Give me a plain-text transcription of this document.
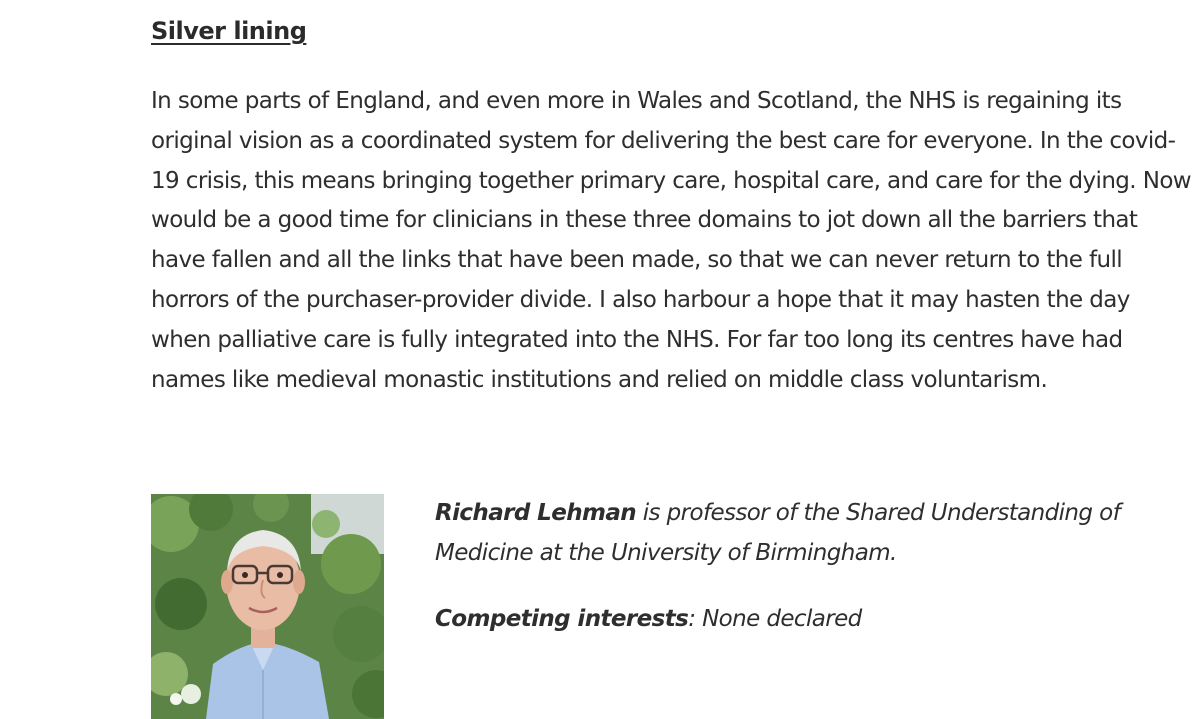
Silver lining

In some parts of England, and even more in Wales and Scotland, the NHS is regaining its
original vision as a coordinated system for delivering the best care for everyone. In the covid-
19 crisis, this means bringing together primary care, hospital care, and care for the dying. Now
would be a good time for clinicians in these three domains to jot down all the barriers that
have fallen and all the links that have been made, so that we can never return to the full
horrors of the purchaser-provider divide. I also harbour a hope that it may hasten the day
when palliative care is fully integrated into the NHS. For far too long its centres have had
names like medieval monastic institutions and relied on middle class voluntarism.

Richard Lehman is professor of the Shared Understanding of
Medicine at the University of Birmingham.

Competing interests: None declared
